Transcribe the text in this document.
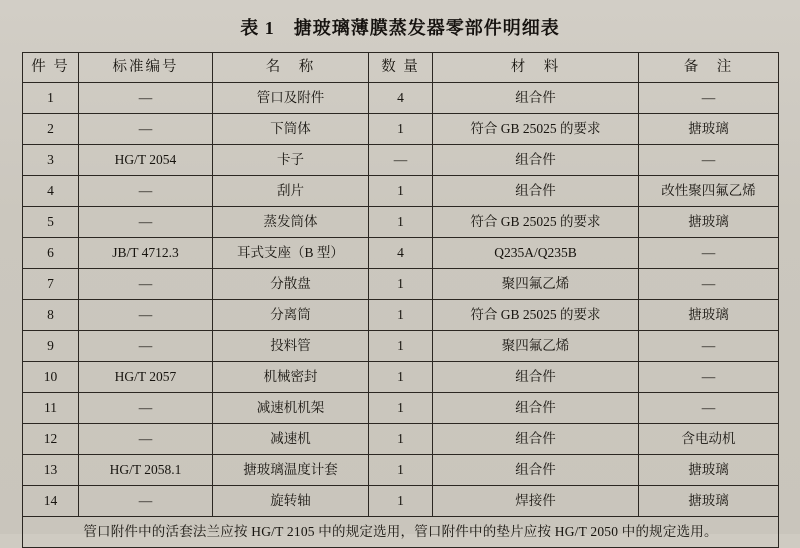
表 1　搪玻璃薄膜蒸发器零部件明细表
件 号	标准编号	名　称	数 量	材　料	备　注
1	—	管口及附件	4	组合件	—
2	—	下筒体	1	符合 GB 25025 的要求	搪玻璃
3	HG/T 2054	卡子	—	组合件	—
4	—	刮片	1	组合件	改性聚四氟乙烯
5	—	蒸发筒体	1	符合 GB 25025 的要求	搪玻璃
6	JB/T 4712.3	耳式支座（B 型）	4	Q235A/Q235B	—
7	—	分散盘	1	聚四氟乙烯	—
8	—	分离筒	1	符合 GB 25025 的要求	搪玻璃
9	—	投料管	1	聚四氟乙烯	—
10	HG/T 2057	机械密封	1	组合件	—
11	—	减速机机架	1	组合件	—
12	—	减速机	1	组合件	含电动机
13	HG/T 2058.1	搪玻璃温度计套	1	组合件	搪玻璃
14	—	旋转轴	1	焊接件	搪玻璃
管口附件中的活套法兰应按 HG/T 2105 中的规定选用，管口附件中的垫片应按 HG/T 2050 中的规定选用。					
